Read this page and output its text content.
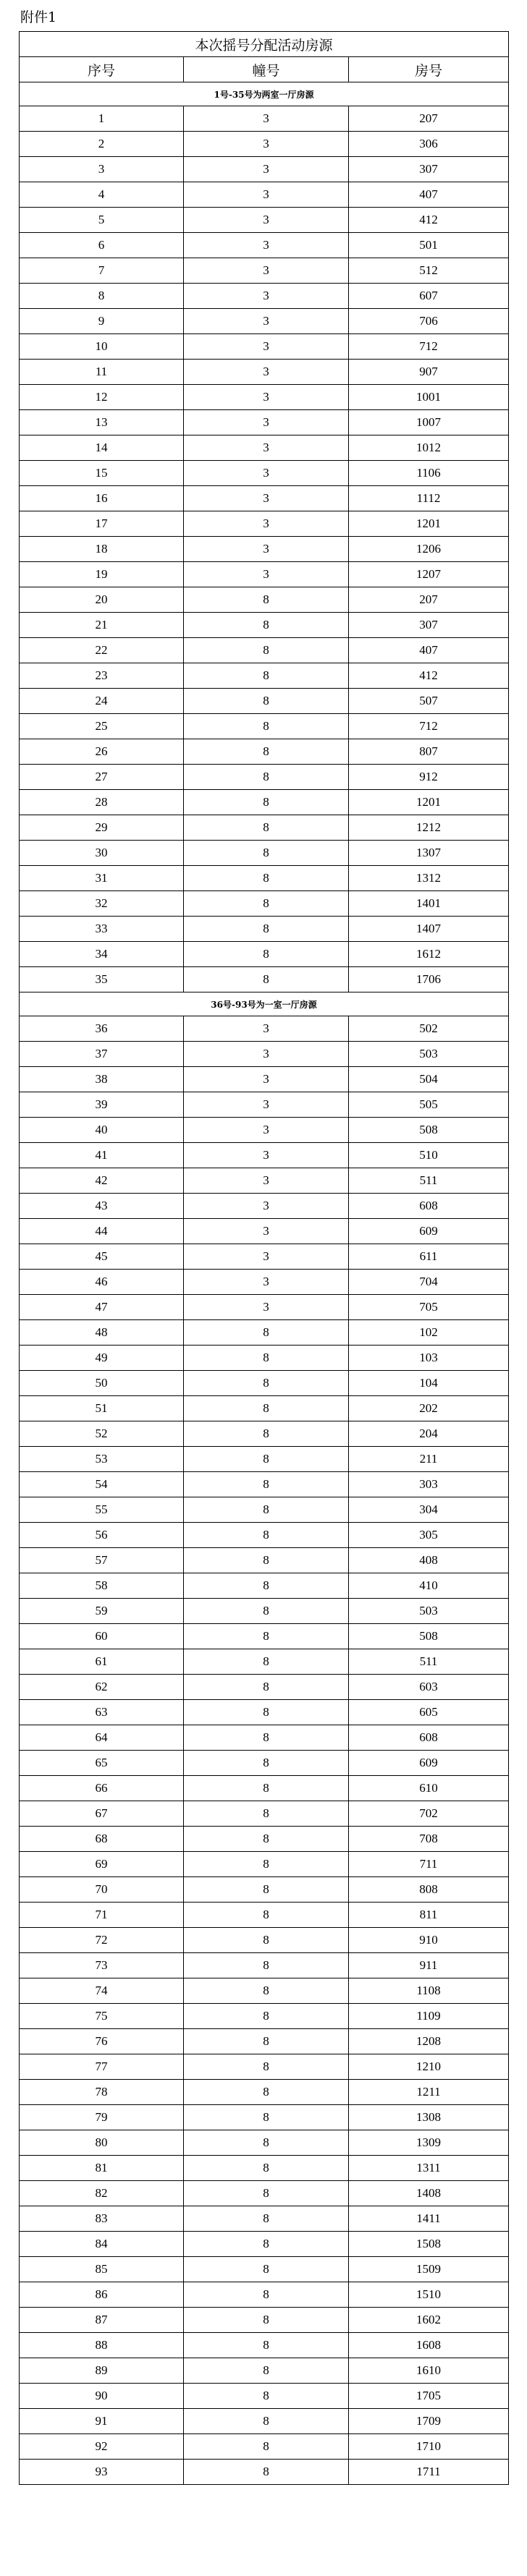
附件1
本次摇号分配活动房源		
序号	幢号	房号
1号-35号为两室一厅房源		
1	3	207
2	3	306
3	3	307
4	3	407
5	3	412
6	3	501
7	3	512
8	3	607
9	3	706
10	3	712
11	3	907
12	3	1001
13	3	1007
14	3	1012
15	3	1106
16	3	1112
17	3	1201
18	3	1206
19	3	1207
20	8	207
21	8	307
22	8	407
23	8	412
24	8	507
25	8	712
26	8	807
27	8	912
28	8	1201
29	8	1212
30	8	1307
31	8	1312
32	8	1401
33	8	1407
34	8	1612
35	8	1706
36号-93号为一室一厅房源		
36	3	502
37	3	503
38	3	504
39	3	505
40	3	508
41	3	510
42	3	511
43	3	608
44	3	609
45	3	611
46	3	704
47	3	705
48	8	102
49	8	103
50	8	104
51	8	202
52	8	204
53	8	211
54	8	303
55	8	304
56	8	305
57	8	408
58	8	410
59	8	503
60	8	508
61	8	511
62	8	603
63	8	605
64	8	608
65	8	609
66	8	610
67	8	702
68	8	708
69	8	711
70	8	808
71	8	811
72	8	910
73	8	911
74	8	1108
75	8	1109
76	8	1208
77	8	1210
78	8	1211
79	8	1308
80	8	1309
81	8	1311
82	8	1408
83	8	1411
84	8	1508
85	8	1509
86	8	1510
87	8	1602
88	8	1608
89	8	1610
90	8	1705
91	8	1709
92	8	1710
93	8	1711
